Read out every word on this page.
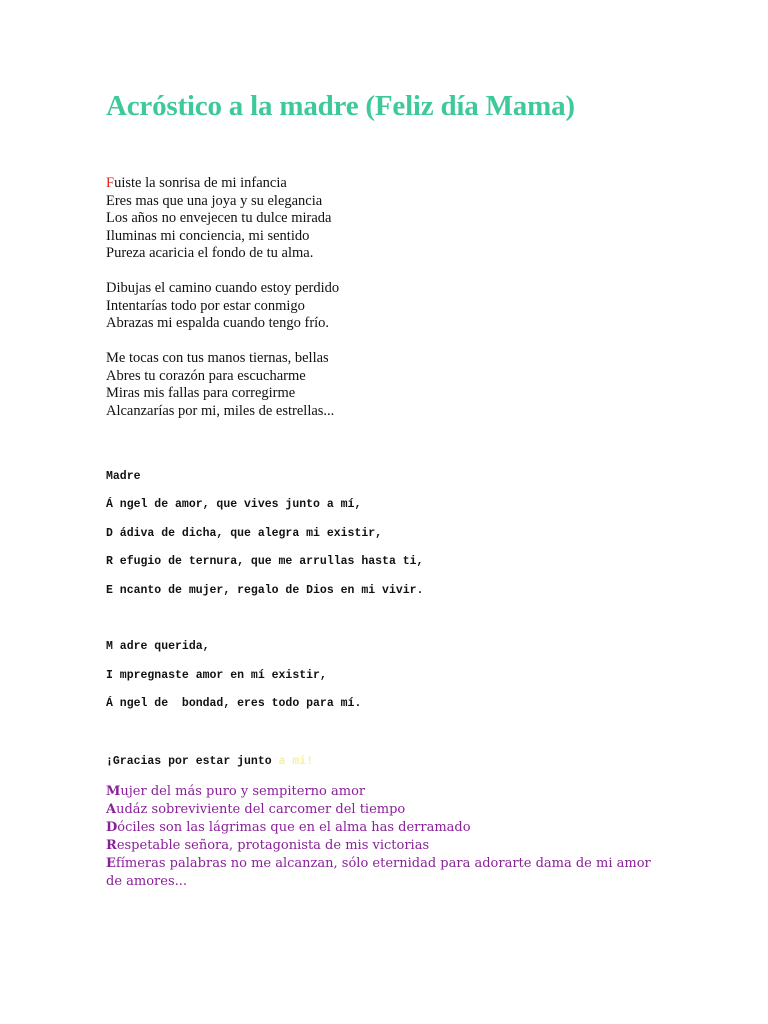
Acróstico a la madre (Feliz día Mama)

Fuiste la sonrisa de mi infancia
Eres mas que una joya y su elegancia
Los años no envejecen tu dulce mirada
Iluminas mi conciencia, mi sentido
Pureza acaricia el fondo de tu alma.

Dibujas el camino cuando estoy perdido
Intentarías todo por estar conmigo
Abrazas mi espalda cuando tengo frío.

Me tocas con tus manos tiernas, bellas
Abres tu corazón para escucharme
Miras mis fallas para corregirme
Alcanzarías por mi, miles de estrellas...

Madre

Á ngel de amor, que vives junto a mí,

D ádiva de dicha, que alegra mi existir,

R efugio de ternura, que me arrullas hasta ti,

E ncanto de mujer, regalo de Dios en mi vivir.

M adre querida,

I mpregnaste amor en mí existir,

Á ngel de  bondad, eres todo para mí.

¡Gracias por estar junto a mí!

Mujer del más puro y sempiterno amor
Audáz sobreviviente del carcomer del tiempo
Dóciles son las lágrimas que en el alma has derramado
Respetable señora, protagonista de mis victorias
Efímeras palabras no me alcanzan, sólo eternidad para adorarte dama de mi amor de amores...
